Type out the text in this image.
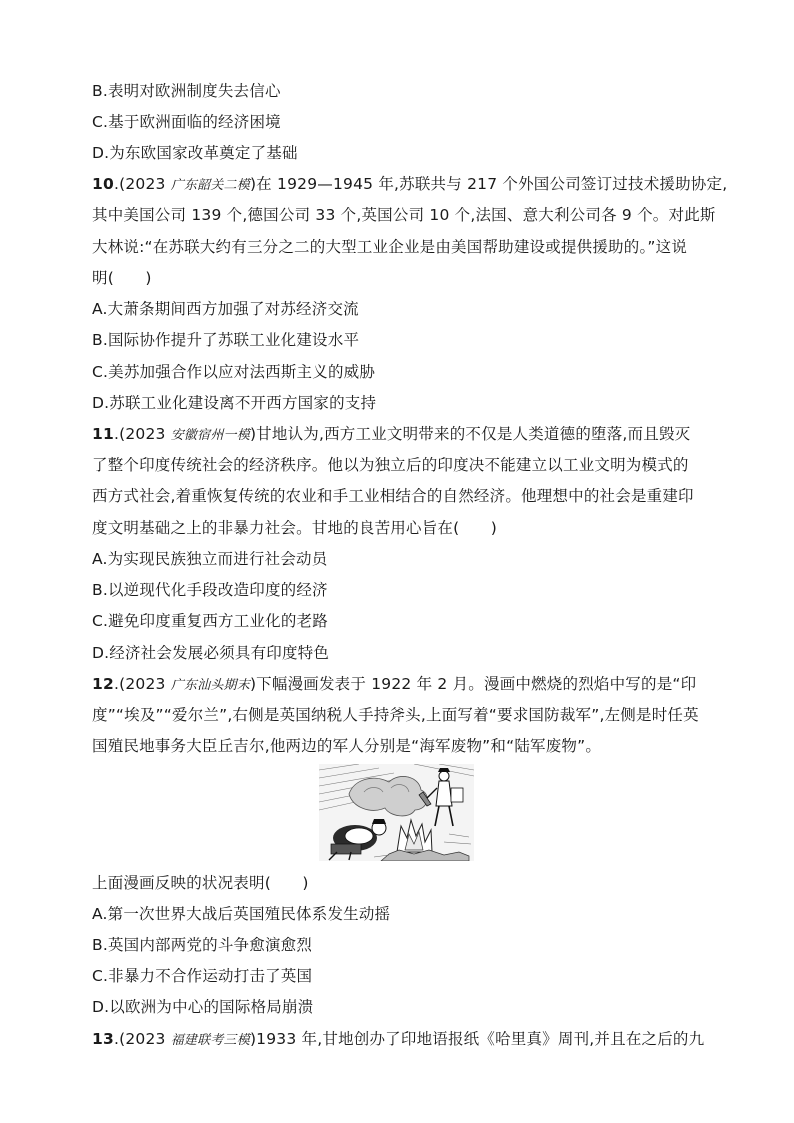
B.表明对欧洲制度失去信心
C.基于欧洲面临的经济困境
D.为东欧国家改革奠定了基础
10.(2023 广东韶关二模)在 1929—1945 年,苏联共与 217 个外国公司签订过技术援助协定,
其中美国公司 139 个,德国公司 33 个,英国公司 10 个,法国、意大利公司各 9 个。对此斯
大林说:“在苏联大约有三分之二的大型工业企业是由美国帮助建设或提供援助的。”这说
明(　　)
A.大萧条期间西方加强了对苏经济交流
B.国际协作提升了苏联工业化建设水平
C.美苏加强合作以应对法西斯主义的威胁
D.苏联工业化建设离不开西方国家的支持
11.(2023 安徽宿州一模)甘地认为,西方工业文明带来的不仅是人类道德的堕落,而且毁灭
了整个印度传统社会的经济秩序。他以为独立后的印度决不能建立以工业文明为模式的
西方式社会,着重恢复传统的农业和手工业相结合的自然经济。他理想中的社会是重建印
度文明基础之上的非暴力社会。甘地的良苦用心旨在(　　)
A.为实现民族独立而进行社会动员
B.以逆现代化手段改造印度的经济
C.避免印度重复西方工业化的老路
D.经济社会发展必须具有印度特色
12.(2023 广东汕头期末)下幅漫画发表于 1922 年 2 月。漫画中燃烧的烈焰中写的是“印
度”“埃及”“爱尔兰”,右侧是英国纳税人手持斧头,上面写着“要求国防裁军”,左侧是时任英
国殖民地事务大臣丘吉尔,他两边的军人分别是“海军废物”和“陆军废物”。
上面漫画反映的状况表明(　　)
A.第一次世界大战后英国殖民体系发生动摇
B.英国内部两党的斗争愈演愈烈
C.非暴力不合作运动打击了英国
D.以欧洲为中心的国际格局崩溃
13.(2023 福建联考三模)1933 年,甘地创办了印地语报纸《哈里真》周刊,并且在之后的九
